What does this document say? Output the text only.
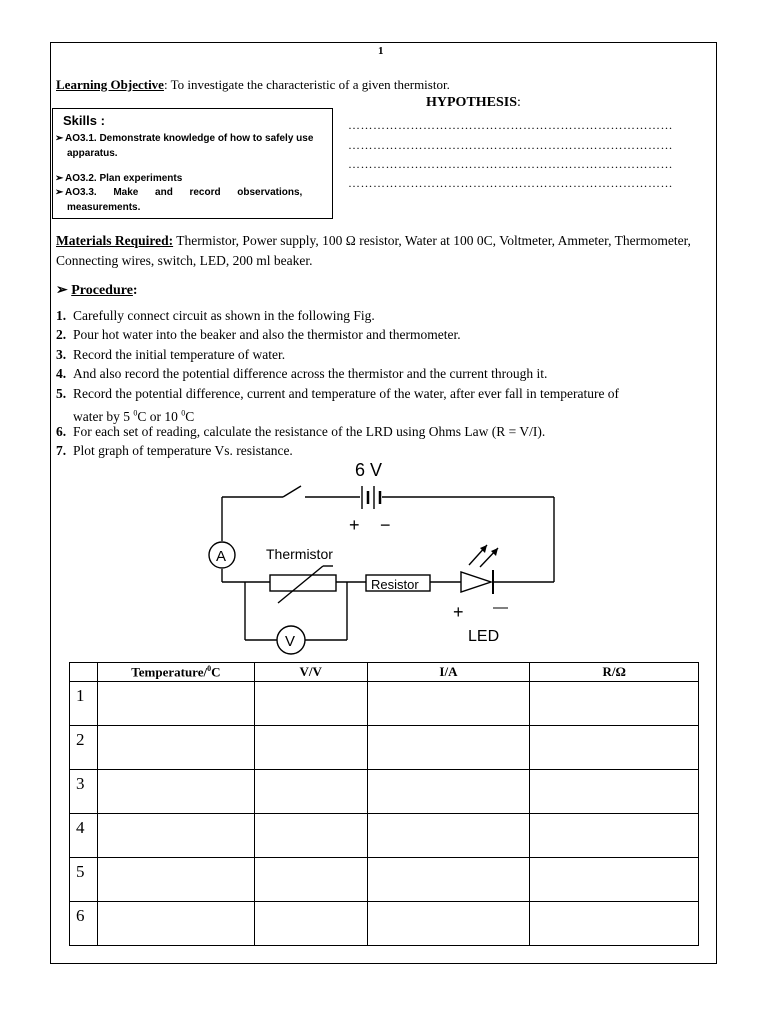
1
Learning Objective: To investigate the characteristic of a given thermistor.
HYPOTHESIS:
……………………………………………………………………
……………………………………………………………………
……………………………………………………………………
……………………………………………………………………
Skills :
➢ AO3.1. Demonstrate knowledge of how to safely use
apparatus.
➢ AO3.2. Plan experiments
➢ AO3.3.      Make      and      record      observations,
measurements.
Materials Required: Thermistor, Power supply, 100 Ω resistor, Water at 100 0C, Voltmeter, Ammeter, Thermometer, Connecting wires, switch, LED, 200 ml beaker.
➢ Procedure:
1. Carefully connect circuit as shown in the following Fig.
2. Pour hot water into the beaker and also the thermistor and thermometer.
3. Record the initial temperature of water.
4. And also record the potential difference across the thermistor and the current through it.
5. Record the potential difference, current and temperature of the water, after ever fall in temperature of
water by 5 $^0$C or 10 $^0$C
6. For each set of reading, calculate the resistance of the LRD using Ohms Law (R = V/I).
7. Plot graph of temperature Vs. resistance.
6 V
+ −
A
V
Thermistor
Resistor
LED
+ —
	Temperature/$^0$C	V/V	I/A	R/Ω
1				
2				
3				
4				
5				
6				
